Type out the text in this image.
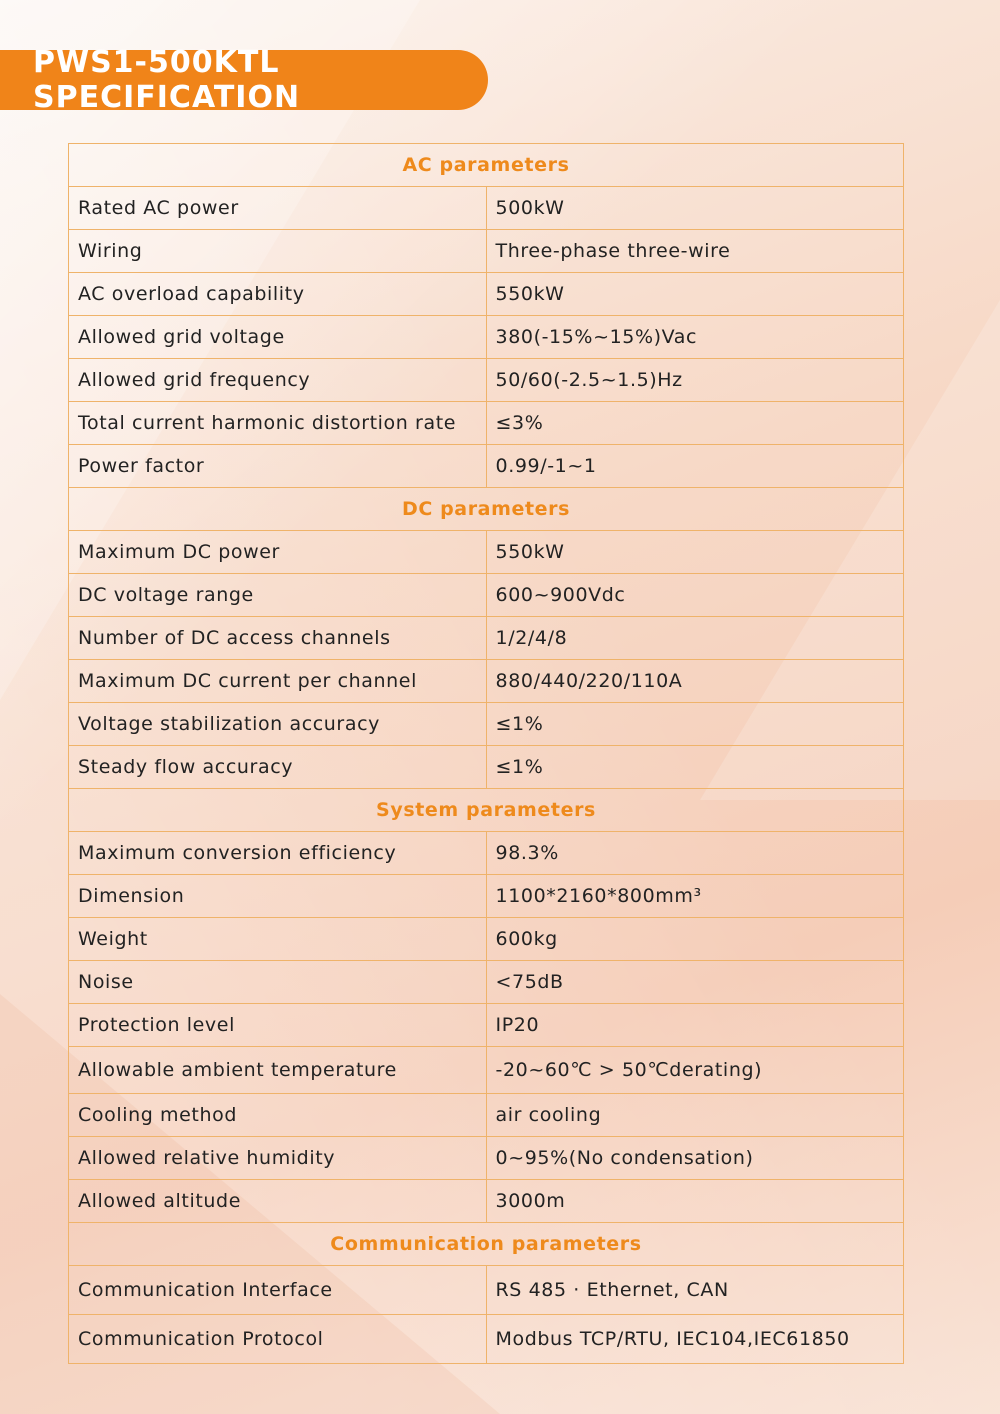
PWS1-500KTL SPECIFICATION
AC parameters	
Rated AC power	500kW
Wiring	Three-phase three-wire
AC overload capability	550kW
Allowed grid voltage	380(-15%~15%)Vac
Allowed grid frequency	50/60(-2.5~1.5)Hz
Total current harmonic distortion rate	≤3%
Power factor	0.99/-1~1
DC parameters	
Maximum DC power	550kW
DC voltage range	600~900Vdc
Number of DC access channels	1/2/4/8
Maximum DC current per channel	880/440/220/110A
Voltage stabilization accuracy	≤1%
Steady flow accuracy	≤1%
System parameters	
Maximum conversion efficiency	98.3%
Dimension	1100*2160*800mm³
Weight	600kg
Noise	<75dB
Protection level	IP20
Allowable ambient temperature	-20~60℃ > 50℃derating)
Cooling method	air cooling
Allowed relative humidity	0~95%(No condensation)
Allowed altitude	3000m
Communication parameters	
Communication Interface	RS 485 · Ethernet, CAN
Communication Protocol	Modbus TCP/RTU, IEC104,IEC61850
